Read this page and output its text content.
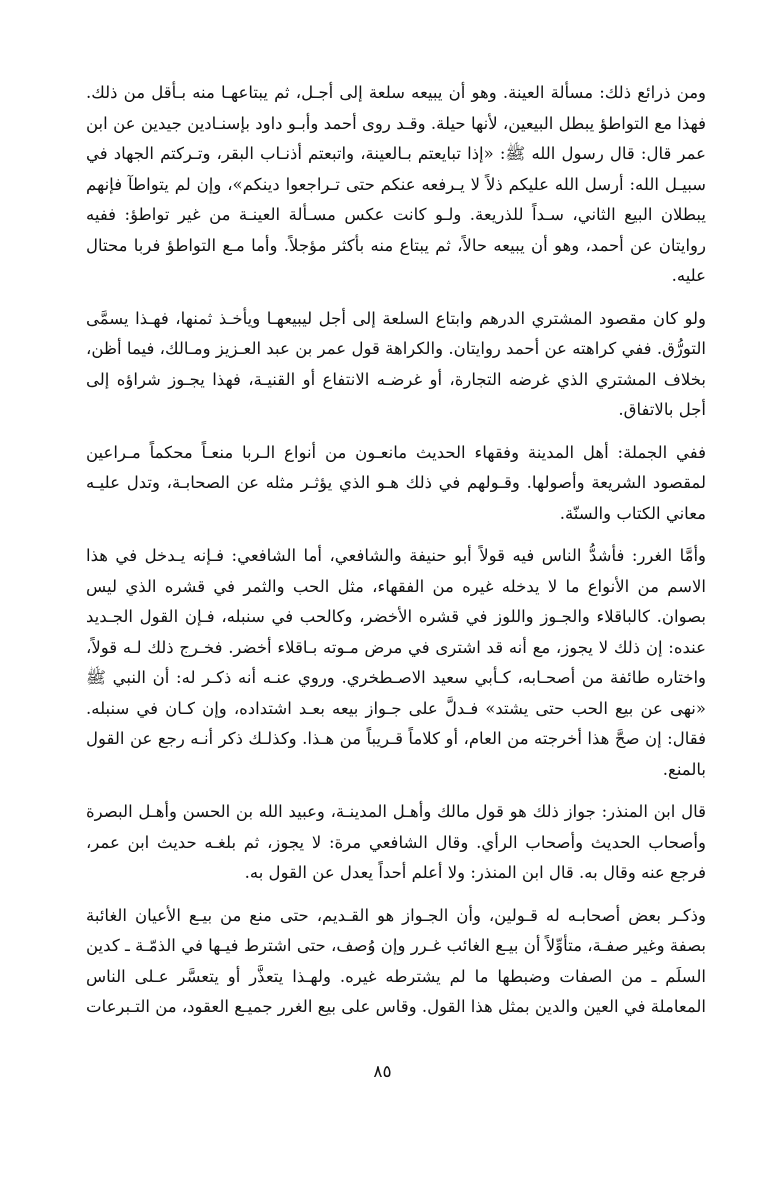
ومن ذرائع ذلك: مسألة العينة. وهو أن يبيعه سلعة إلى أجـل، ثم يبتاعهـا منه بـأقل من ذلك. فهذا مع التواطؤ يبطل البيعين، لأنها حيلة. وقـد روى أحمد وأبـو داود بإسنـادين جيدين عن ابن عمر قال: قال رسول الله ﷺ: «إذا تبايعتم بـالعينة، واتبعتم أذنـاب البقر، وتـركتم الجهاد في سبيـل الله: أرسل الله عليكم ذلاً لا يـرفعه عنكم حتى تـراجعوا دينكم»، وإن لم يتواطآ فإنهم يبطلان البيع الثاني، سـداً للذريعة. ولـو كانت عكس مسـألة العينـة من غير تواطؤ: ففيه روايتان عن أحمد، وهو أن يبيعه حالاً، ثم يبتاع منه بأكثر مؤجلاً. وأما مـع التواطؤ فربا محتال عليه.

ولو كان مقصود المشتري الدرهم وابتاع السلعة إلى أجل ليبيعهـا ويأخـذ ثمنها، فهـذا يسمَّى التورُّق. ففي كراهته عن أحمد روايتان. والكراهة قول عمر بن عبد العـزيز ومـالك، فيما أظن، بخلاف المشتري الذي غرضه التجارة، أو غرضـه الانتفاع أو القنيـة، فهذا يجـوز شراؤه إلى أجل بالاتفاق.

ففي الجملة: أهل المدينة وفقهاء الحديث مانعـون من أنواع الـربا منعـاً محكماً مـراعين لمقصود الشريعة وأصولها. وقـولهم في ذلك هـو الذي يؤثـر مثله عن الصحابـة، وتدل عليـه معاني الكتاب والسنّة.

وأمَّا الغرر: فأشدُّ الناس فيه قولاً أبو حنيفة والشافعي، أما الشافعي: فـإنه يـدخل في هذا الاسم من الأنواع ما لا يدخله غيره من الفقهاء، مثل الحب والثمر في قشره الذي ليس بصوان. كالباقلاء والجـوز واللوز في قشره الأخضر، وكالحب في سنبله، فـإن القول الجـديد عنده: إن ذلك لا يجوز، مع أنه قد اشترى في مرض مـوته بـاقلاء أخضر. فخـرج ذلك لـه قولاً، واختاره طائفة من أصحـابه، كـأبي سعيد الاصـطخري. وروي عنـه أنه ذكـر له: أن النبي ﷺ «نهى عن بيع الحب حتى يشتد» فـدلَّ على جـواز بيعه بعـد اشتداده، وإن كـان في سنبله. فقال: إن صحَّ هذا أخرجته من العام، أو كلاماً قـريباً من هـذا. وكذلـك ذكر أنـه رجع عن القول بالمنع.

قال ابن المنذر: جواز ذلك هو قول مالك وأهـل المدينـة، وعبيد الله بن الحسن وأهـل البصرة وأصحاب الحديث وأصحاب الرأي. وقال الشافعي مرة: لا يجوز، ثم بلغـه حديث ابن عمر، فرجع عنه وقال به. قال ابن المنذر: ولا أعلم أحداً يعدل عن القول به.

وذكـر بعض أصحابـه له قـولين، وأن الجـواز هو القـديم، حتى منع من بيـع الأعيان الغائبة بصفة وغير صفـة، متأوِّلاً أن بيـع الغائب غـرر وإن وُصف، حتى اشترط فيـها في الذمّـة ـ كدين السلَم ـ من الصفات وضبطها ما لم يشترطه غيره. ولهـذا يتعذَّر أو يتعسَّر عـلى الناس المعاملة في العين والدين بمثل هذا القول. وقاس على بيع الغرر جميـع العقود، من التـبرعات

٨٥
